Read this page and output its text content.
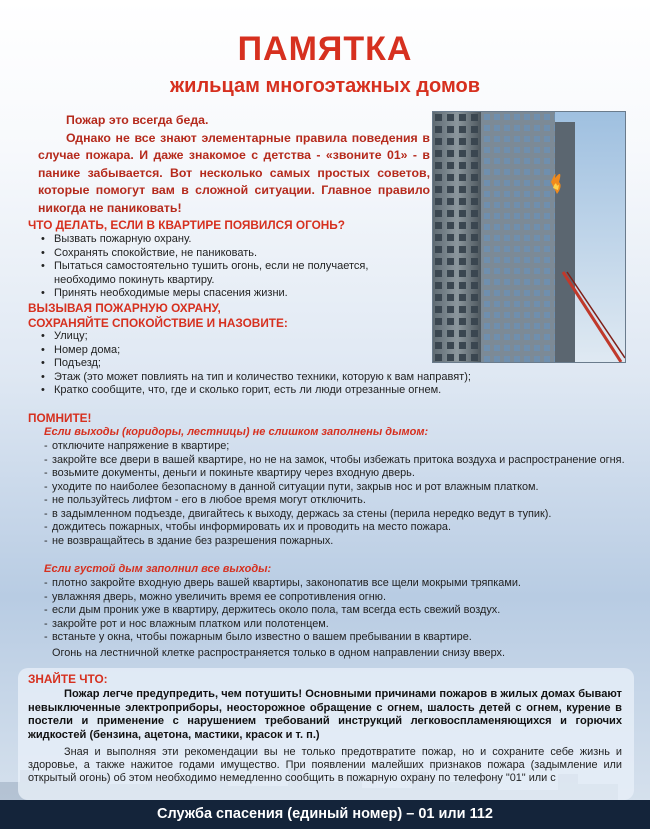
ПАМЯТКА
жильцам многоэтажных домов

Пожар это всегда беда.

Однако не все знают элементарные правила поведения в случае пожара. И даже знакомое с детства - «звоните 01» - в панике забывается. Вот несколько самых простых советов, которые помогут вам в сложной ситуации. Главное правило никогда не паниковать!

ЧТО ДЕЛАТЬ, ЕСЛИ В КВАРТИРЕ ПОЯВИЛСЯ ОГОНЬ?
• Вызвать пожарную охрану.
• Сохранять спокойствие, не паниковать.
• Пытаться самостоятельно тушить огонь, если не получается,
необходимо покинуть квартиру.
• Принять необходимые меры спасения жизни.
ВЫЗЫВАЯ ПОЖАРНУЮ ОХРАНУ,
СОХРАНЯЙТЕ СПОКОЙСТВИЕ И НАЗОВИТЕ:
• Улицу;
• Номер дома;
• Подъезд;
• Этаж (это может повлиять на тип и количество техники, которую к вам направят);
• Кратко сообщите, что, где и сколько горит, есть ли люди отрезанные огнем.
ПОМНИТЕ!
Если выходы (коридоры, лестницы) не слишком заполнены дымом:
- отключите напряжение в квартире;
- закройте все двери в вашей квартире, но не на замок, чтобы избежать притока воздуха и распространение огня.
- возьмите документы, деньги и покиньте квартиру через входную дверь.
- уходите по наиболее безопасному в данной ситуации пути, закрыв нос и рот влажным платком.
- не пользуйтесь лифтом - его в любое время могут отключить.
- в задымленном подъезде, двигайтесь к выходу, держась за стены (перила нередко ведут в тупик).
- дождитесь пожарных, чтобы информировать их и проводить на место пожара.
- не возвращайтесь в здание без разрешения пожарных.
Если густой дым заполнил все выходы:
- плотно закройте входную дверь вашей квартиры, законопатив все щели мокрыми тряпками.
- увлажняя дверь, можно увеличить время ее сопротивления огню.
- если дым проник уже в квартиру, держитесь около пола, там всегда есть свежий воздух.
- закройте рот и нос влажным платком или полотенцем.
- встаньте у окна, чтобы пожарным было известно о вашем пребывании в квартире.
Огонь на лестничной клетке распространяется только в одном направлении снизу вверх.
ЗНАЙТЕ ЧТО:

Пожар легче предупредить, чем потушить! Основными причинами пожаров в жилых домах бывают невыключенные электроприборы, неосторожное обращение с огнем, шалость детей с огнем, курение в постели и применение с нарушением требований инструкций легковоспламеняющихся и горючих жидкостей (бензина, ацетона, мастики, красок и т. п.)

Зная и выполняя эти рекомендации вы не только предотвратите пожар, но и сохраните себе жизнь и здоровье, а также нажитое годами имущество. При появлении малейших признаков пожара (задымление или открытый огонь) об этом необходимо немедленно сообщить в пожарную охрану по телефону "01" или с

Служба спасения (единый номер) – 01 или 112
